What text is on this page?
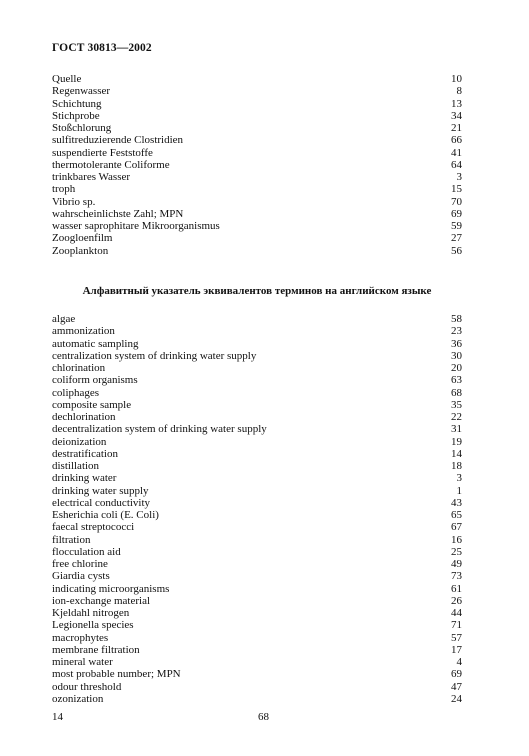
ГОСТ 30813—2002
Quelle	10
Regenwasser	8
Schichtung	13
Stichprobe	34
Stoßchlorung	21
sulfitreduzierende Clostridien	66
suspendierte Feststoffe	41
thermotolerante Coliforme	64
trinkbares Wasser	3
troph	15
Vibrio sp.	70
wahrscheinlichste Zahl; MPN	69
wasser saprophitare Mikroorganismus	59
Zoogloenfilm	27
Zooplankton	56
Алфавитный указатель эквивалентов терминов на английском языке
algae	58
ammonization	23
automatic sampling	36
centralization system of drinking water supply	30
chlorination	20
coliform organisms	63
coliphages	68
composite sample	35
dechlorination	22
decentralization system of drinking water supply	31
deionization	19
destratification	14
distillation	18
drinking water	3
drinking water supply	1
electrical conductivity	43
Esherichia coli (E. Coli)	65
faecal streptococci	67
filtration	16
flocculation aid	25
free chlorine	49
Giardia cysts	73
indicating microorganisms	61
ion-exchange material	26
Kjeldahl nitrogen	44
Legionella species	71
macrophytes	57
membrane filtration	17
mineral water	4
most probable number; MPN	69
odour threshold	47
ozonization	24
14	68
